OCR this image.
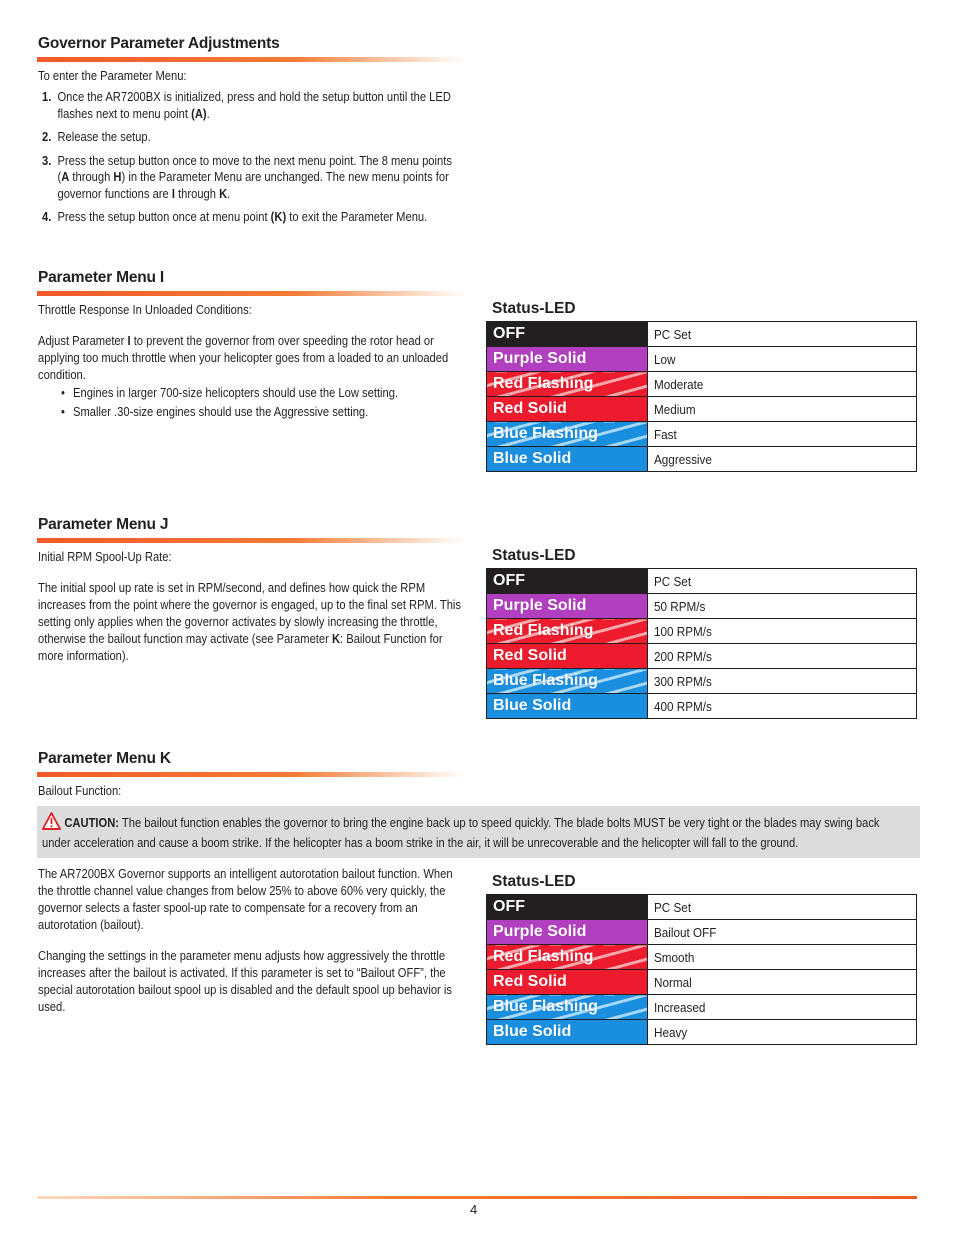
Governor Parameter Adjustments
To enter the Parameter Menu:
1. Once the AR7200BX is initialized, press and hold the setup button until the LED flashes next to menu point (A).
2. Release the setup.
3. Press the setup button once to move to the next menu point. The 8 menu points (A through H) in the Parameter Menu are unchanged. The new menu points for governor functions are I through K.
4. Press the setup button once at menu point (K) to exit the Parameter Menu.
Parameter Menu I
Throttle Response In Unloaded Conditions:
Adjust Parameter I to prevent the governor from over speeding the rotor head or applying too much throttle when your helicopter goes from a loaded to an unloaded condition.
• Engines in larger 700-size helicopters should use the Low setting.
• Smaller .30-size engines should use the Aggressive setting.
Status-LED
OFF	PC Set
Purple Solid	Low
Red Flashing	Moderate
Red Solid	Medium
Blue Flashing	Fast
Blue Solid	Aggressive
Parameter Menu J
Initial RPM Spool-Up Rate:
The initial spool up rate is set in RPM/second, and defines how quick the RPM increases from the point where the governor is engaged, up to the final set RPM. This setting only applies when the governor activates by slowly increasing the throttle, otherwise the bailout function may activate (see Parameter K: Bailout Function for more information).
Status-LED
OFF	PC Set
Purple Solid	50 RPM/s
Red Flashing	100 RPM/s
Red Solid	200 RPM/s
Blue Flashing	300 RPM/s
Blue Solid	400 RPM/s
Parameter Menu K
Bailout Function:
CAUTION: The bailout function enables the governor to bring the engine back up to speed quickly. The blade bolts MUST be very tight or the blades may swing back under acceleration and cause a boom strike. If the helicopter has a boom strike in the air, it will be unrecoverable and the helicopter will fall to the ground.
The AR7200BX Governor supports an intelligent autorotation bailout function. When the throttle channel value changes from below 25% to above 60% very quickly, the governor selects a faster spool-up rate to compensate for a recovery from an autorotation (bailout).
Changing the settings in the parameter menu adjusts how aggressively the throttle increases after the bailout is activated. If this parameter is set to “Bailout OFF”, the special autorotation bailout spool up is disabled and the default spool up behavior is used.
Status-LED
OFF	PC Set
Purple Solid	Bailout OFF
Red Flashing	Smooth
Red Solid	Normal
Blue Flashing	Increased
Blue Solid	Heavy
4
